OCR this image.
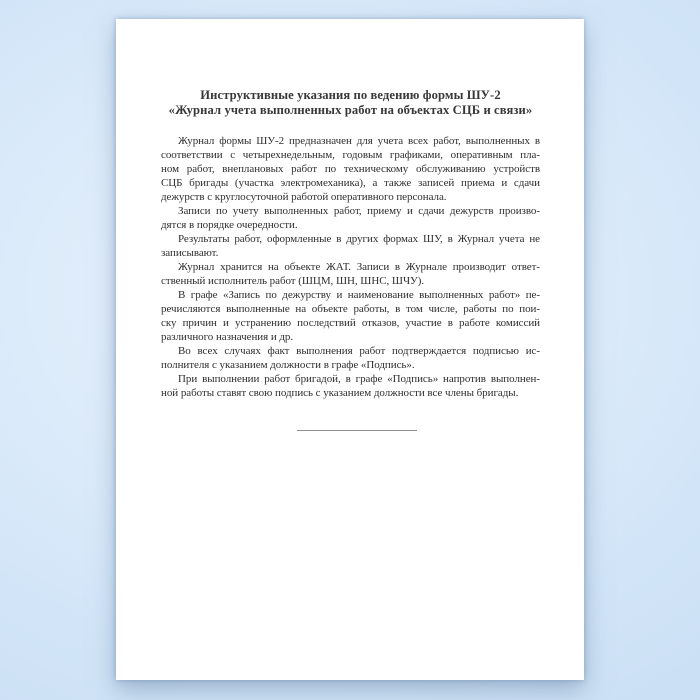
Инструктивные указания по ведению формы ШУ-2
«Журнал учета выполненных работ на объектах СЦБ и связи»
Журнал формы ШУ-2 предназначен для учета всех работ, выполненных в
соответствии с четырехнедельным, годовым графиками, оперативным пла-
ном работ, внеплановых работ по техническому обслуживанию устройств
СЦБ бригады (участка электромеханика), а также записей приема и сдачи
дежурств с круглосуточной работой оперативного персонала.
Записи по учету выполненных работ, приему и сдачи дежурств произво-
дятся в порядке очередности.
Результаты работ, оформленные в других формах ШУ, в Журнал учета не
записывают.
Журнал хранится на объекте ЖАТ. Записи в Журнале производит ответ-
ственный исполнитель работ (ШЦМ, ШН, ШНС, ШЧУ).
В графе «Запись по дежурству и наименование выполненных работ» пе-
речисляются выполненные на объекте работы, в том числе, работы по пои-
ску причин и устранению последствий отказов, участие в работе комиссий
различного назначения и др.
Во всех случаях факт выполнения работ подтверждается подписью ис-
полнителя с указанием должности в графе «Подпись».
При выполнении работ бригадой, в графе «Подпись» напротив выполнен-
ной работы ставят свою подпись с указанием должности все члены бригады.
